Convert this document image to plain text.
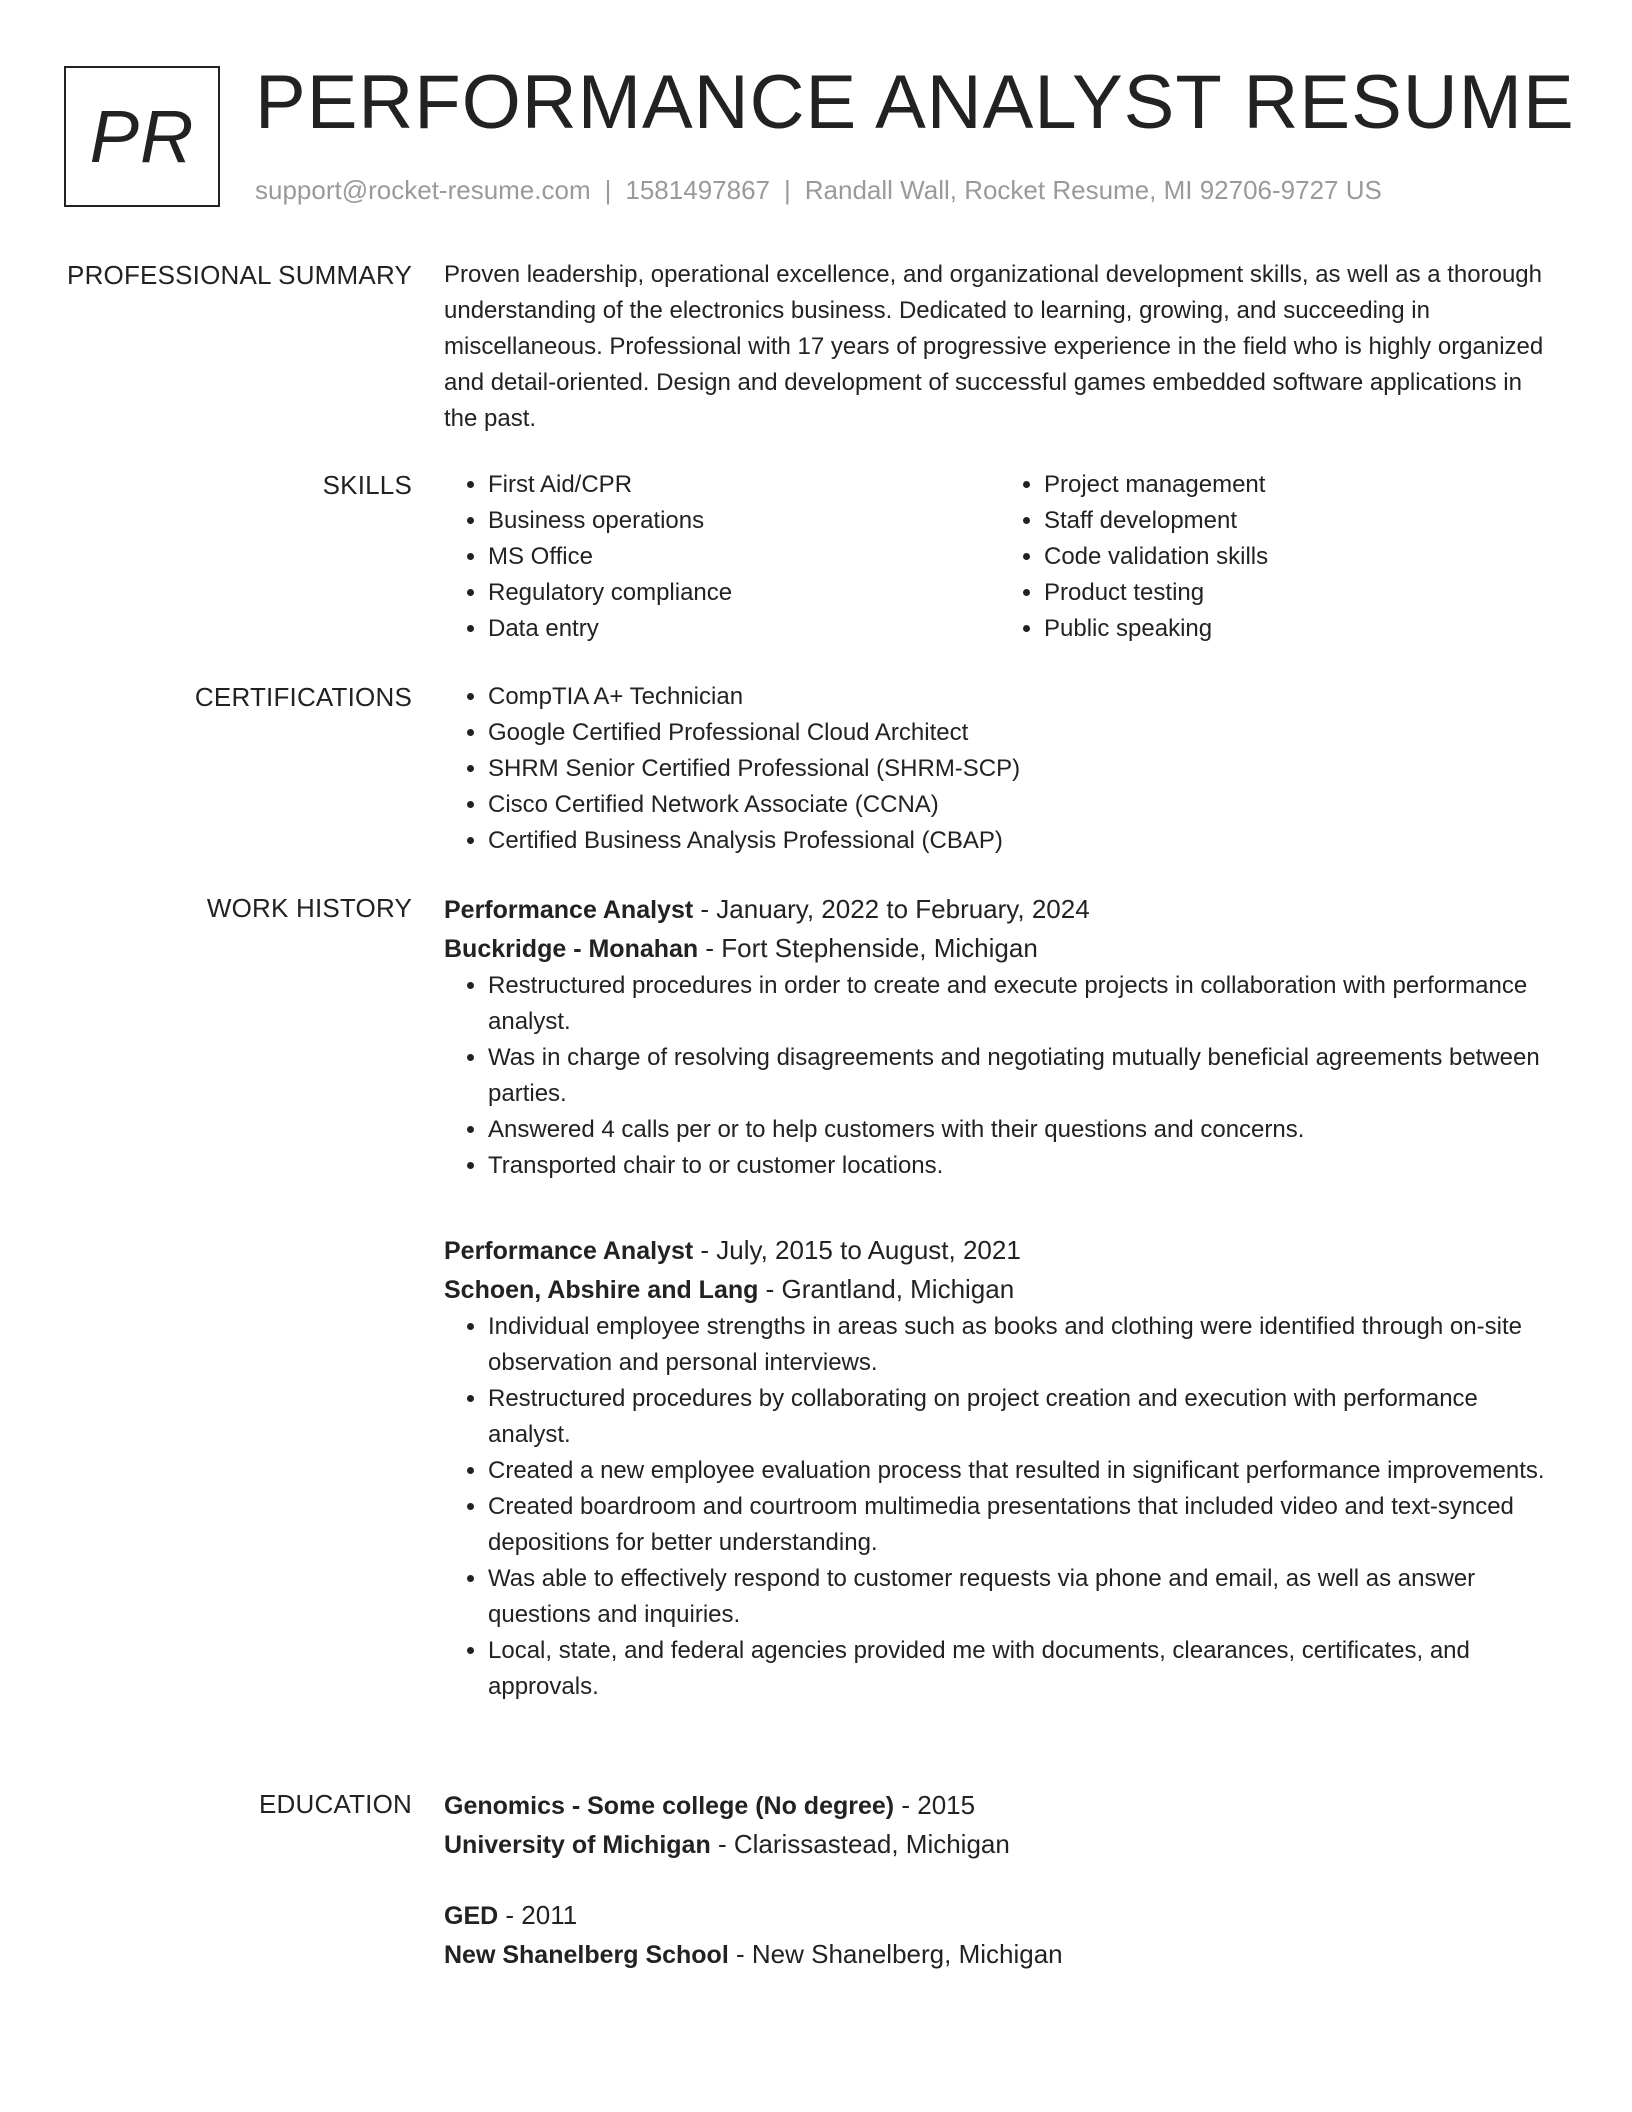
PR PERFORMANCE ANALYST RESUME
support@rocket-resume.com | 1581497867 | Randall Wall, Rocket Resume, MI 92706-9727 US
PROFESSIONAL SUMMARY Proven leadership, operational excellence, and organizational development skills, as well as a thorough understanding of the electronics business. Dedicated to learning, growing, and succeeding in miscellaneous. Professional with 17 years of progressive experience in the field who is highly organized and detail-oriented. Design and development of successful games embedded software applications in the past.

SKILLS	• First Aid/CPR
• Business operations
• MS Office
• Regulatory compliance
• Data entry
• Project management
• Staff development
• Code validation skills
• Product testing
• Public speaking
CERTIFICATIONS	• CompTIA A+ Technician
• Google Certified Professional Cloud Architect
• SHRM Senior Certified Professional (SHRM-SCP)
• Cisco Certified Network Associate (CCNA)
• Certified Business Analysis Professional (CBAP)
WORK HISTORY Performance Analyst - January, 2022 to February, 2024
Buckridge - Monahan - Fort Stephenside, Michigan
• Restructured procedures in order to create and execute projects in collaboration with performance analyst.
• Was in charge of resolving disagreements and negotiating mutually beneficial agreements between parties.
• Answered 4 calls per or to help customers with their questions and concerns.
• Transported chair to or customer locations.
Performance Analyst - July, 2015 to August, 2021
Schoen, Abshire and Lang - Grantland, Michigan
• Individual employee strengths in areas such as books and clothing were identified through on-site observation and personal interviews.
• Restructured procedures by collaborating on project creation and execution with performance analyst.
• Created a new employee evaluation process that resulted in significant performance improvements.
• Created boardroom and courtroom multimedia presentations that included video and text-synced depositions for better understanding.
• Was able to effectively respond to customer requests via phone and email, as well as answer questions and inquiries.
• Local, state, and federal agencies provided me with documents, clearances, certificates, and approvals.
EDUCATION Genomics - Some college (No degree) - 2015
University of Michigan - Clarissastead, Michigan
GED - 2011
New Shanelberg School - New Shanelberg, Michigan
